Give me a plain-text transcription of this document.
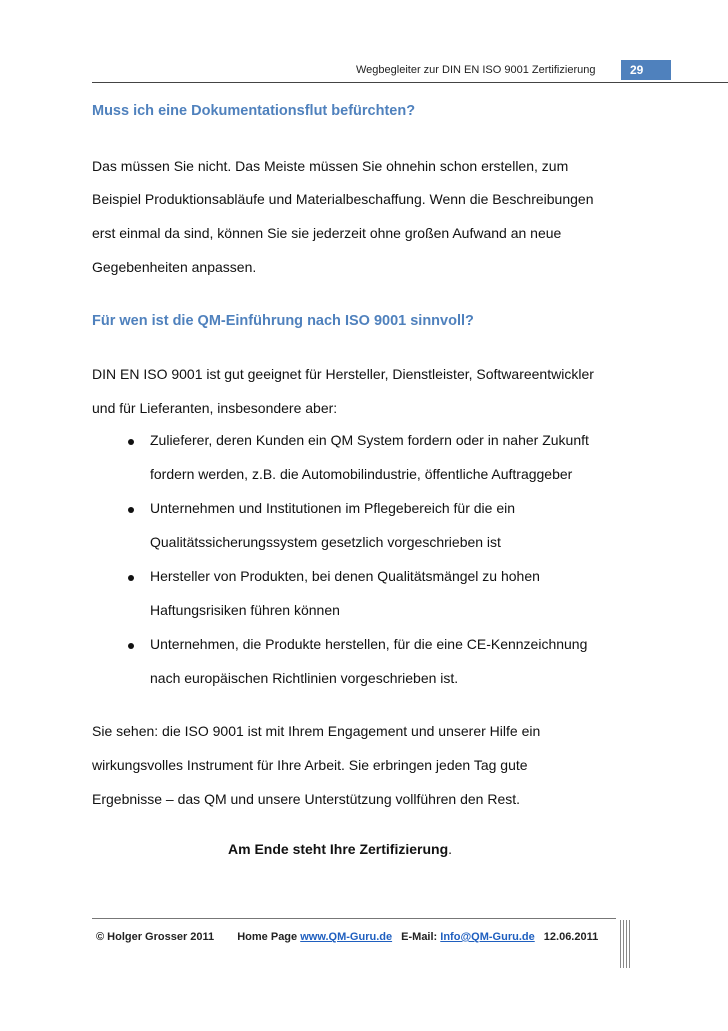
Wegbegleiter zur DIN EN ISO 9001 Zertifizierung	29
Muss ich eine Dokumentationsflut befürchten?
Das müssen Sie nicht. Das Meiste müssen Sie ohnehin schon erstellen, zum
Beispiel Produktionsabläufe und Materialbeschaffung. Wenn die Beschreibungen
erst einmal da sind, können Sie sie jederzeit ohne großen Aufwand an neue
Gegebenheiten anpassen.
Für wen ist die QM-Einführung nach ISO 9001 sinnvoll?
DIN EN ISO 9001 ist gut geeignet für Hersteller, Dienstleister, Softwareentwickler
und für Lieferanten, insbesondere aber:
Zulieferer, deren Kunden ein QM System fordern oder in naher Zukunft
fordern werden, z.B. die Automobilindustrie, öffentliche Auftraggeber
Unternehmen und Institutionen im Pflegebereich für die ein
Qualitätssicherungssystem gesetzlich vorgeschrieben ist
Hersteller von Produkten, bei denen Qualitätsmängel zu hohen
Haftungsrisiken führen können
Unternehmen, die Produkte herstellen, für die eine CE-Kennzeichnung
nach europäischen Richtlinien vorgeschrieben ist.
Sie sehen: die ISO 9001 ist mit Ihrem Engagement und unserer Hilfe ein
wirkungsvolles Instrument für Ihre Arbeit. Sie erbringen jeden Tag gute
Ergebnisse – das QM und unsere Unterstützung vollführen den Rest.
Am Ende steht Ihre Zertifizierung.
© Holger Grosser 2011 Home Page www.QM-Guru.de E-Mail: Info@QM-Guru.de 12.06.2011
